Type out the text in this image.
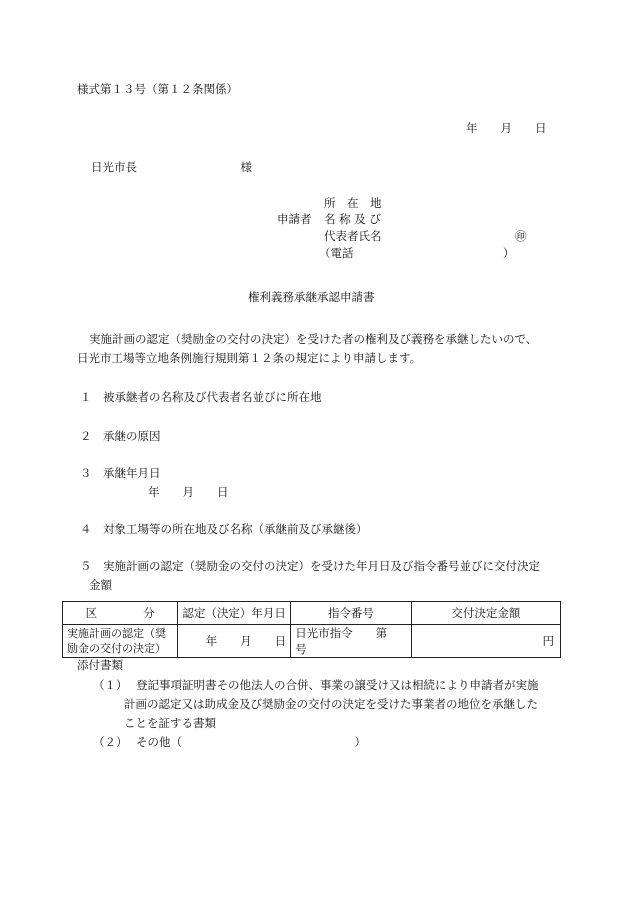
様式第１３号（第１２条関係）
年　　月　　日
日光市長　　　　　　　　　様
所　在　地
申請者 名 称 及 び
代表者氏名	㊞
（電話　　　　　　　　　　　　　）
権利義務承継承認申請書
実施計画の認定（奨励金の交付の決定）を受けた者の権利及び義務を承継したいので、
日光市工場等立地条例施行規則第１２条の規定により申請します。
１　被承継者の名称及び代表者名並びに所在地
２　承継の原因
３　承継年月日
年　　月　　日
４　対象工場等の所在地及び名称（承継前及び承継後）
５　実施計画の認定（奨励金の交付の決定）を受けた年月日及び指令番号並びに交付決定
金額
区　　　　分	認定（決定）年月日	指令番号	交付決定金額
実施計画の認定（奨励金の交付の決定）	年　　月　　日	日光市指令　　第　号	円
添付書類
（１） 登記事項証明書その他法人の合併、事業の譲受け又は相続により申請者が実施
計画の認定又は助成金及び奨励金の交付の決定を受けた事業者の地位を承継した
ことを証する書類
（２） その他（　　　　　　　　　　　　　　　）
